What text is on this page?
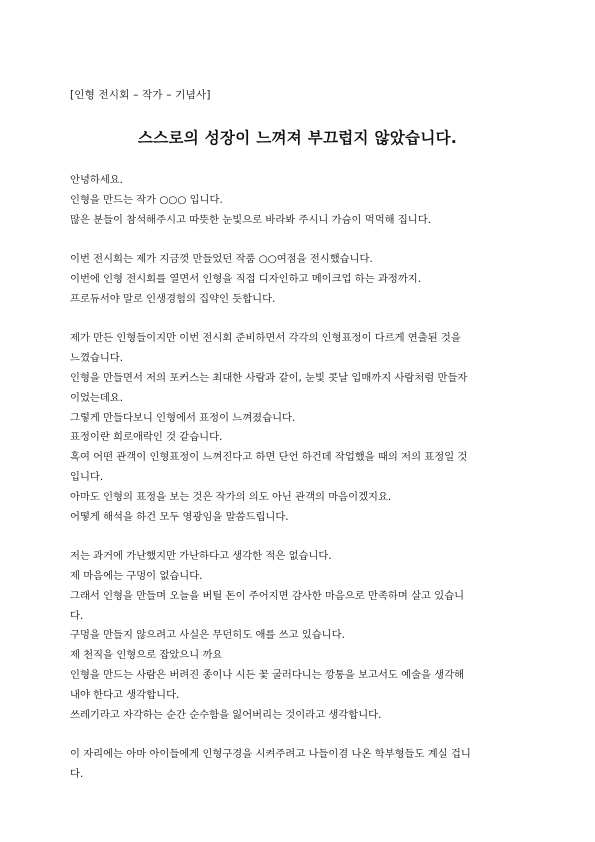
[인형 전시회 – 작가 – 기념사]
스스로의 성장이 느껴져 부끄럽지 않았습니다.
안녕하세요.
인형을 만드는 작가 ○○○ 입니다.
많은 분들이 참석해주시고 따뜻한 눈빛으로 바라봐 주시니 가슴이 먹먹해 집니다.
이번 전시회는 제가 지금껏 만들었던 작품 ○○여점을 전시했습니다.
이번에 인형 전시회를 열면서 인형을 직접 디자인하고 메이크업 하는 과정까지.
프로듀서야 말로 인생경험의 집약인 듯합니다.
제가 만든 인형들이지만 이번 전시회 준비하면서 각각의 인형표정이 다르게 연출된 것을
느꼈습니다.
인형을 만들면서 저의 포커스는 최대한 사람과 같이, 눈빛 콧날 입매까지 사람처럼 만들자
이었는데요.
그렇게 만들다보니 인형에서 표정이 느껴졌습니다.
표정이란 희로애락인 것 같습니다.
혹여 어떤 관객이 인형표정이 느껴진다고 하면 단언 하건데 작업했을 때의 저의 표정일 것
입니다.
아마도 인형의 표정을 보는 것은 작가의 의도 아닌 관객의 마음이겠지요.
어떻게 해석을 하건 모두 영광임을 말씀드립니다.
저는 과거에 가난했지만 가난하다고 생각한 적은 없습니다.
제 마음에는 구멍이 없습니다.
그래서 인형을 만들며 오늘을 버틸 돈이 주어지면 감사한 마음으로 만족하며 살고 있습니
다.
구멍을 만들지 않으려고 사실은 무던히도 애를 쓰고 있습니다.
제 천직을 인형으로 잡았으니 까요
인형을 만드는 사람은 버려진 종이나 시든 꽃 굴러다니는 깡통을 보고서도 예술을 생각해
내야 한다고 생각합니다.
쓰레기라고 자각하는 순간 순수함을 잃어버리는 것이라고 생각합니다.
이 자리에는 아마 아이들에게 인형구경을 시켜주려고 나들이겸 나온 학부형들도 계실 겁니
다.
